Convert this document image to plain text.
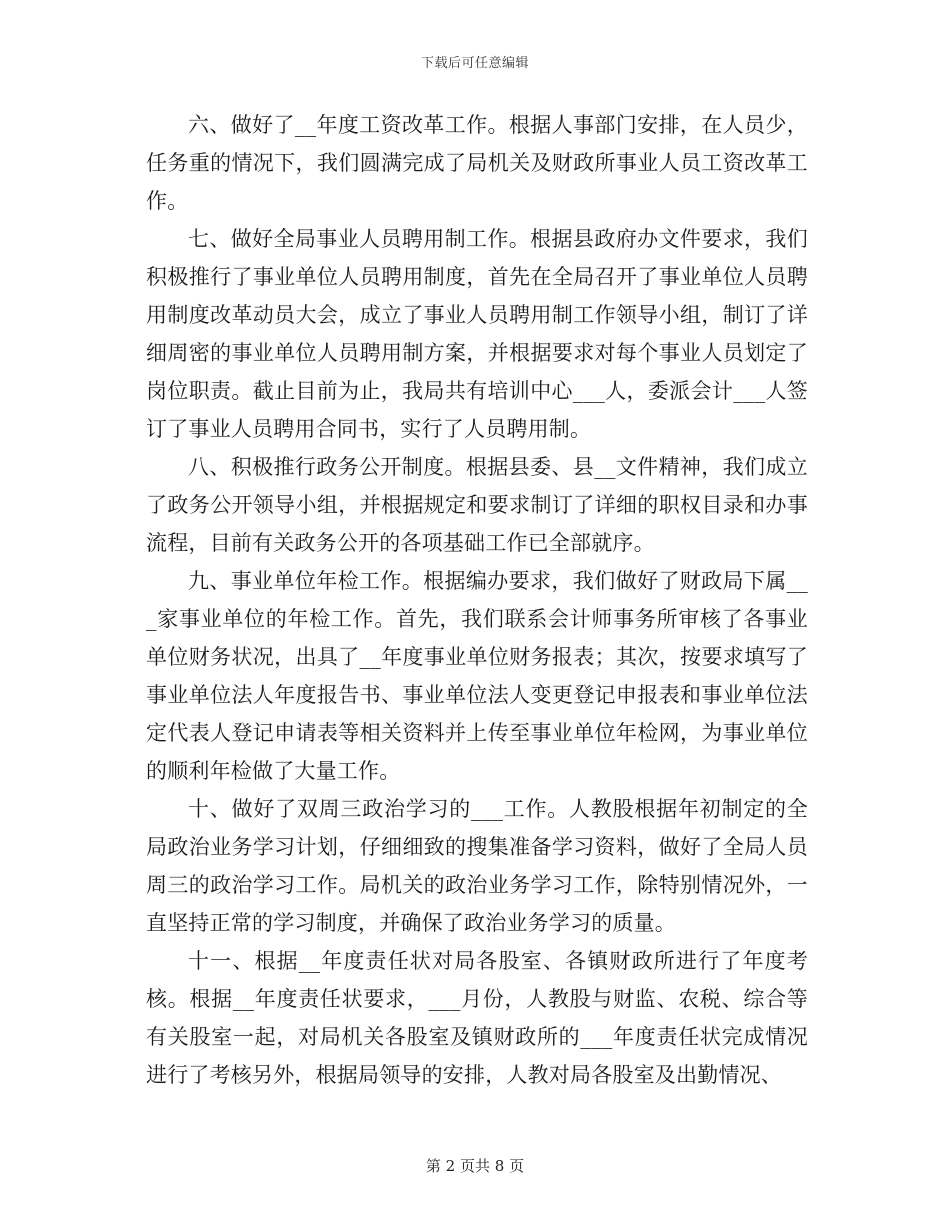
下载后可任意编辑

六、做好了__年度工资改革工作。根据人事部门安排，在人员少，任务重的情况下，我们圆满完成了局机关及财政所事业人员工资改革工作。

七、做好全局事业人员聘用制工作。根据县政府办文件要求，我们积极推行了事业单位人员聘用制度，首先在全局召开了事业单位人员聘用制度改革动员大会，成立了事业人员聘用制工作领导小组，制订了详细周密的事业单位人员聘用制方案，并根据要求对每个事业人员划定了岗位职责。截止目前为止，我局共有培训中心___人，委派会计___人签订了事业人员聘用合同书，实行了人员聘用制。

八、积极推行政务公开制度。根据县委、县__文件精神，我们成立了政务公开领导小组，并根据规定和要求制订了详细的职权目录和办事流程，目前有关政务公开的各项基础工作已全部就序。

九、事业单位年检工作。根据编办要求，我们做好了财政局下属___家事业单位的年检工作。首先，我们联系会计师事务所审核了各事业单位财务状况，出具了__年度事业单位财务报表；其次，按要求填写了事业单位法人年度报告书、事业单位法人变更登记申报表和事业单位法定代表人登记申请表等相关资料并上传至事业单位年检网，为事业单位的顺利年检做了大量工作。

十、做好了双周三政治学习的___工作。人教股根据年初制定的全局政治业务学习计划，仔细细致的搜集准备学习资料，做好了全局人员周三的政治学习工作。局机关的政治业务学习工作，除特别情况外，一直坚持正常的学习制度，并确保了政治业务学习的质量。

十一、根据__年度责任状对局各股室、各镇财政所进行了年度考核。根据__年度责任状要求，___月份，人教股与财监、农税、综合等有关股室一起，对局机关各股室及镇财政所的___年度责任状完成情况进行了考核另外，根据局领导的安排，人教对局各股室及出勤情况、

第 2 页共 8 页
